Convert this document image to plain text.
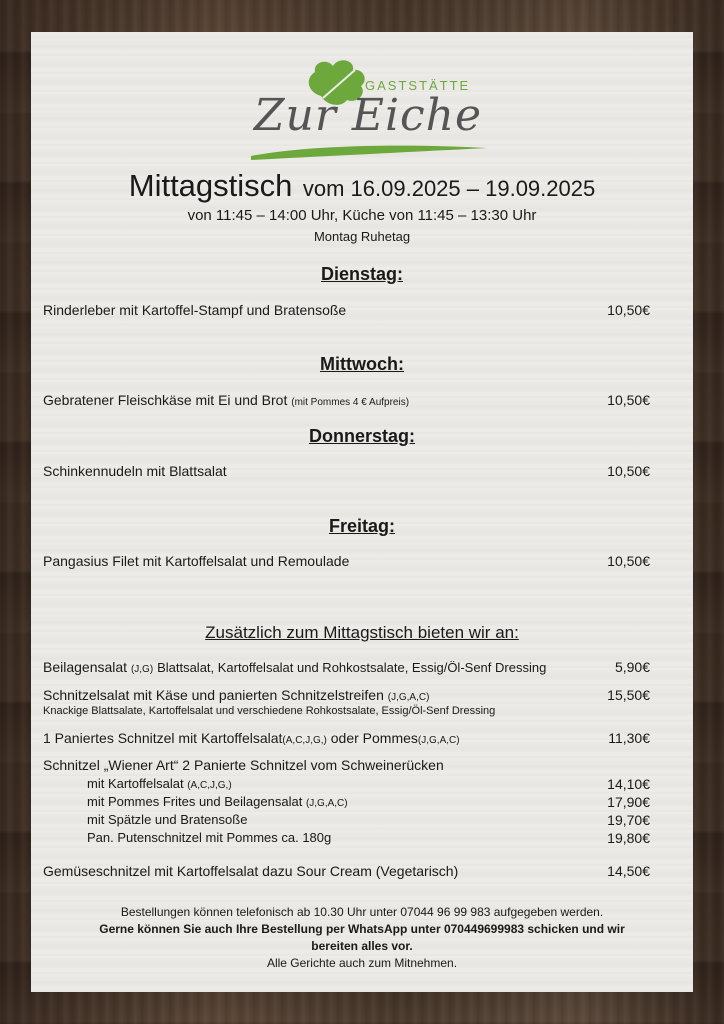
GASTSTÄTTE
Zur Eiche
Mittagstisch vom 16.09.2025 – 19.09.2025
von 11:45 – 14:00 Uhr, Küche von 11:45 – 13:30 Uhr
Montag Ruhetag
Dienstag:
Rinderleber mit Kartoffel-Stampf und Bratensoße	10,50€
Mittwoch:
Gebratener Fleischkäse mit Ei und Brot (mit Pommes 4 € Aufpreis)	10,50€
Donnerstag:
Schinkennudeln mit Blattsalat	10,50€
Freitag:
Pangasius Filet mit Kartoffelsalat und Remoulade	10,50€
Zusätzlich zum Mittagstisch bieten wir an:
Beilagensalat (J,G) Blattsalat, Kartoffelsalat und Rohkostsalate, Essig/Öl-Senf Dressing	5,90€
Schnitzelsalat mit Käse und panierten Schnitzelstreifen (J,G,A,C)	15,50€
Knackige Blattsalate, Kartoffelsalat und verschiedene Rohkostsalate, Essig/Öl-Senf Dressing
1 Paniertes Schnitzel mit Kartoffelsalat(A,C,J,G,) oder Pommes(J,G,A,C)	11,30€
Schnitzel „Wiener Art“ 2 Panierte Schnitzel vom Schweinerücken
mit Kartoffelsalat (A,C,J,G,)	14,10€
mit Pommes Frites und Beilagensalat (J,G,A,C)	17,90€
mit Spätzle und Bratensoße	19,70€
Pan. Putenschnitzel mit Pommes ca. 180g	19,80€
Gemüseschnitzel mit Kartoffelsalat dazu Sour Cream (Vegetarisch)	14,50€
Bestellungen können telefonisch ab 10.30 Uhr unter 07044 96 99 983 aufgegeben werden.
Gerne können Sie auch Ihre Bestellung per WhatsApp unter 070449699983 schicken und wir bereiten alles vor.
Alle Gerichte auch zum Mitnehmen.
